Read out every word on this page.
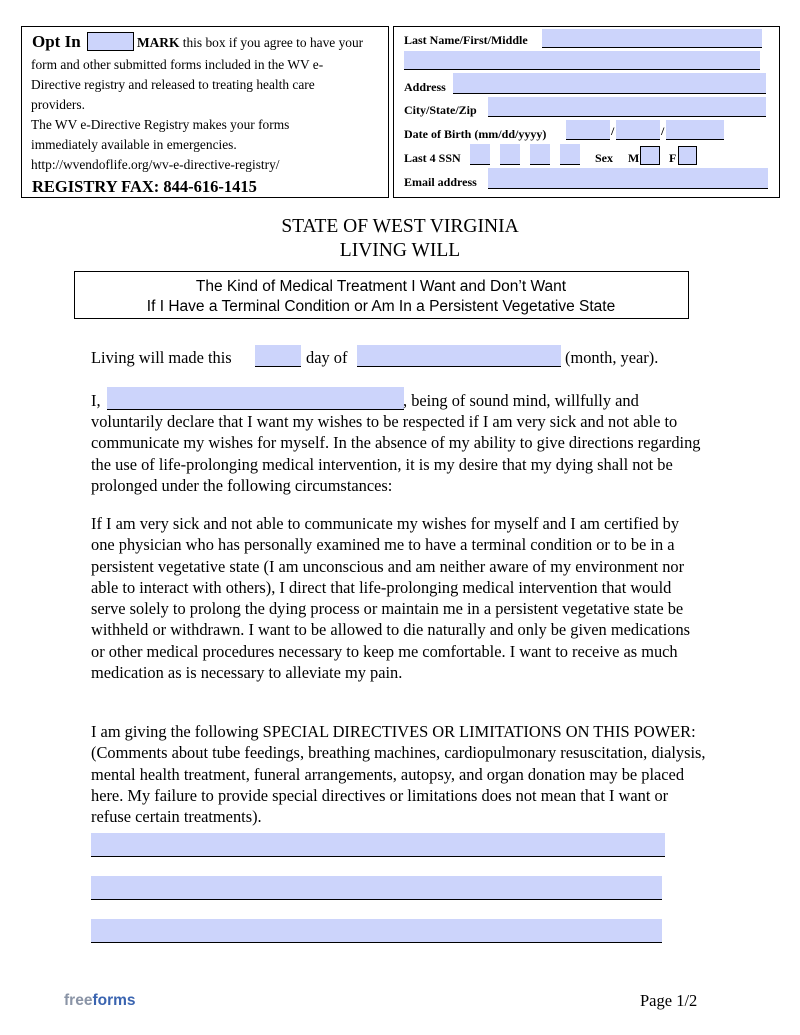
Opt In	MARK this box if you agree to have your
form and other submitted forms included in the WV e-
Directive registry and released to treating health care
providers.
The WV e-Directive Registry makes your forms
immediately available in emergencies.
http://wvendoflife.org/wv-e-directive-registry/
REGISTRY FAX: 844-616-1415
Last Name/First/Middle
Address
City/State/Zip
Date of Birth (mm/dd/yyyy)	/	/
Last 4 SSN	Sex M F
Email address
STATE OF WEST VIRGINIA
LIVING WILL
The Kind of Medical Treatment I Want and Don’t Want
If I Have a Terminal Condition or Am In a Persistent Vegetative State
Living will made this	day of	(month, year).
I,	, being of sound mind, willfully and

voluntarily declare that I want my wishes to be respected if I am very sick and not able to communicate my wishes for myself. In the absence of my ability to give directions regarding the use of life-prolonging medical intervention, it is my desire that my dying shall not be prolonged under the following circumstances:

If I am very sick and not able to communicate my wishes for myself and I am certified by one physician who has personally examined me to have a terminal condition or to be in a persistent vegetative state (I am unconscious and am neither aware of my environment nor able to interact with others), I direct that life-prolonging medical intervention that would serve solely to prolong the dying process or maintain me in a persistent vegetative state be withheld or withdrawn. I want to be allowed to die naturally and only be given medications or other medical procedures necessary to keep me comfortable. I want to receive as much medication as is necessary to alleviate my pain.

I am giving the following SPECIAL DIRECTIVES OR LIMITATIONS ON THIS POWER: (Comments about tube feedings, breathing machines, cardiopulmonary resuscitation, dialysis, mental health treatment, funeral arrangements, autopsy, and organ donation may be placed here. My failure to provide special directives or limitations does not mean that I want or refuse certain treatments).

freeforms	Page 1/2
